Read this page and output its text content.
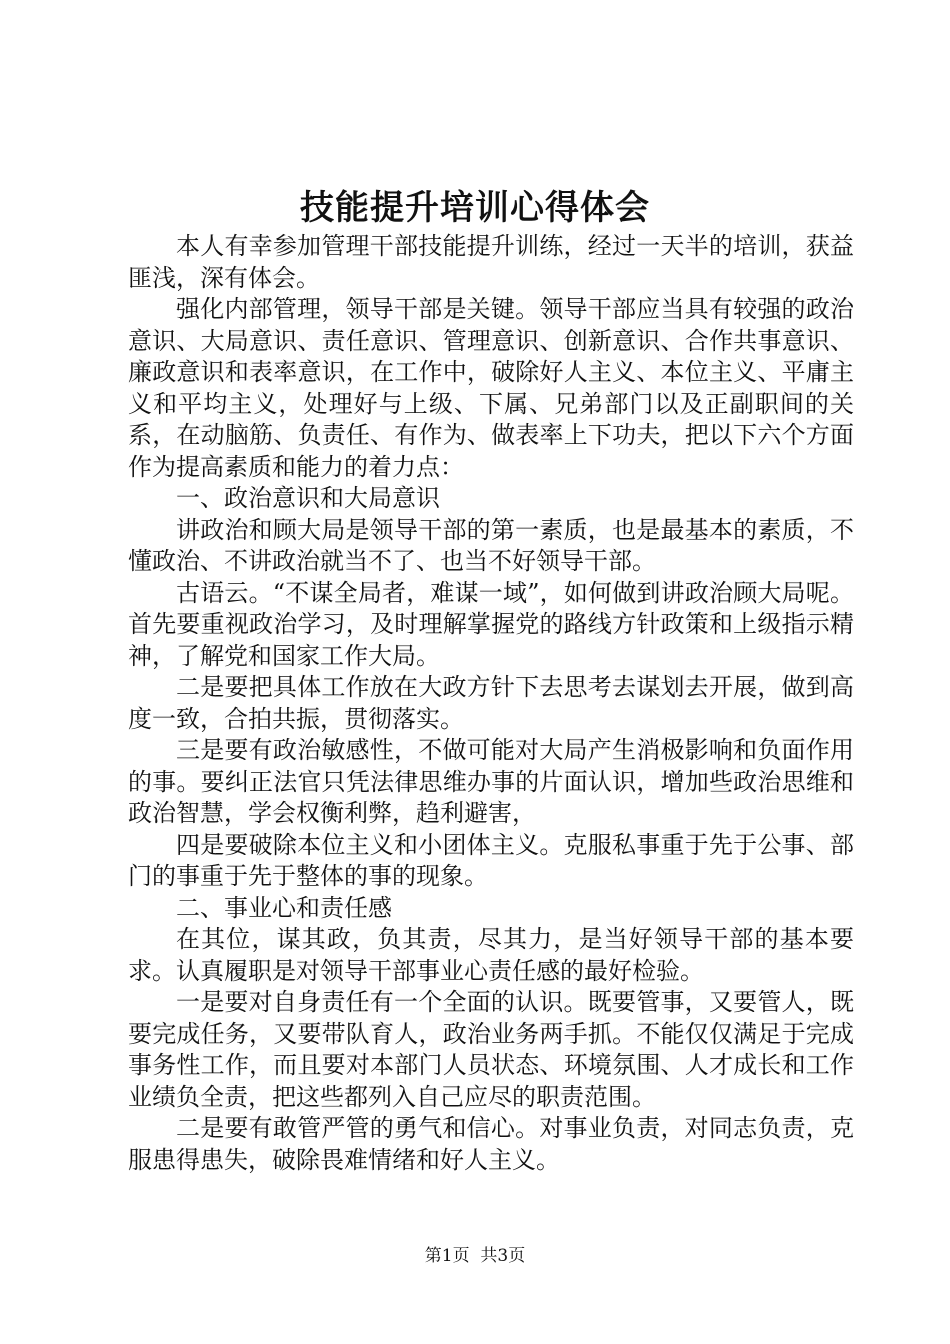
技能提升培训心得体会

本人有幸参加管理干部技能提升训练，经过一天半的培训，获益匪浅，深有体会。

强化内部管理，领导干部是关键。领导干部应当具有较强的政治意识、大局意识、责任意识、管理意识、创新意识、合作共事意识、廉政意识和表率意识，在工作中，破除好人主义、本位主义、平庸主义和平均主义，处理好与上级、下属、兄弟部门以及正副职间的关系，在动脑筋、负责任、有作为、做表率上下功夫，把以下六个方面作为提高素质和能力的着力点：

一、政治意识和大局意识

讲政治和顾大局是领导干部的第一素质，也是最基本的素质，不懂政治、不讲政治就当不了、也当不好领导干部。

古语云。“不谋全局者，难谋一域”，如何做到讲政治顾大局呢。首先要重视政治学习，及时理解掌握党的路线方针政策和上级指示精神，了解党和国家工作大局。

二是要把具体工作放在大政方针下去思考去谋划去开展，做到高度一致，合拍共振，贯彻落实。

三是要有政治敏感性，不做可能对大局产生消极影响和负面作用的事。要纠正法官只凭法律思维办事的片面认识，增加些政治思维和政治智慧，学会权衡利弊，趋利避害，

四是要破除本位主义和小团体主义。克服私事重于先于公事、部门的事重于先于整体的事的现象。

二、事业心和责任感

在其位，谋其政，负其责，尽其力，是当好领导干部的基本要求。认真履职是对领导干部事业心责任感的最好检验。

一是要对自身责任有一个全面的认识。既要管事，又要管人，既要完成任务，又要带队育人，政治业务两手抓。不能仅仅满足于完成事务性工作，而且要对本部门人员状态、环境氛围、人才成长和工作业绩负全责，把这些都列入自己应尽的职责范围。

二是要有敢管严管的勇气和信心。对事业负责，对同志负责，克服患得患失，破除畏难情绪和好人主义。

第1页 共3页
